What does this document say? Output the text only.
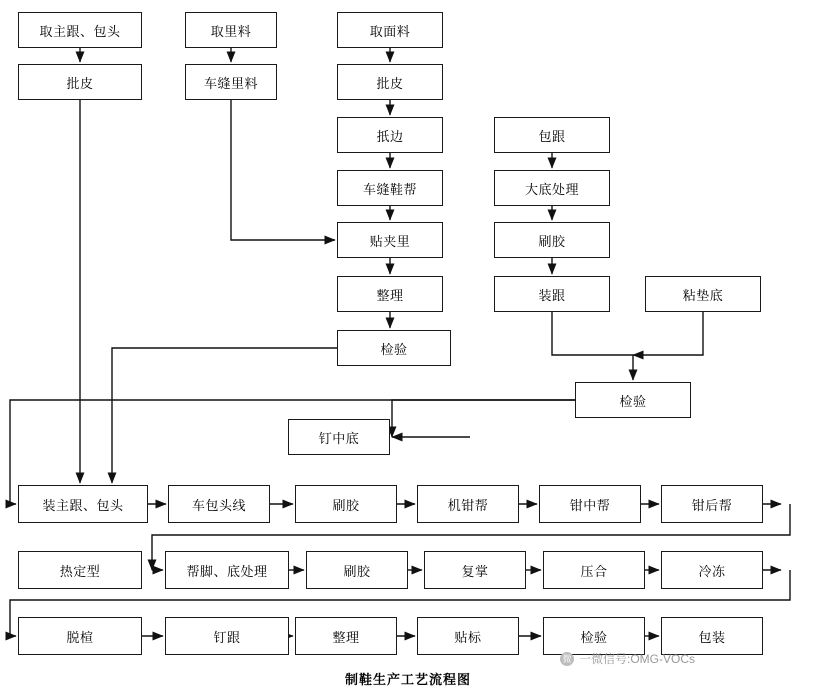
取主跟、包头	取里料	取面料
批皮	车缝里料	批皮
扺边	包跟
车缝鞋帮	大底处理
贴夹里	刷胶
整理	装跟	粘垫底
检验
检验
钉中底
装主跟、包头	车包头线	刷胶	机钳帮	钳中帮	钳后帮
热定型	帮脚、底处理	刷胶	复掌	压合	冷冻
脱楦	钉跟	整理	贴标	检验	包装
制鞋生产工艺流程图
微 一微信号:OMG-VOCs
